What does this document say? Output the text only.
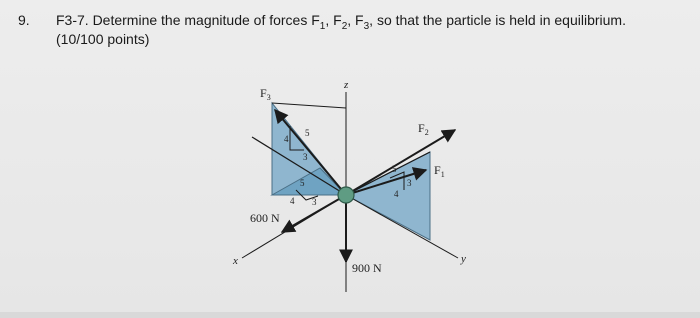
9. F3-7. Determine the magnitude of forces $F_1$, $F_2$, $F_3$, so that the particle is held in equilibrium.
(10/100 points)
$F_3$
$F_2$
$F_1$
z
x	y
600 N
900 N
4
5
3
5
4 3
5
3
4
